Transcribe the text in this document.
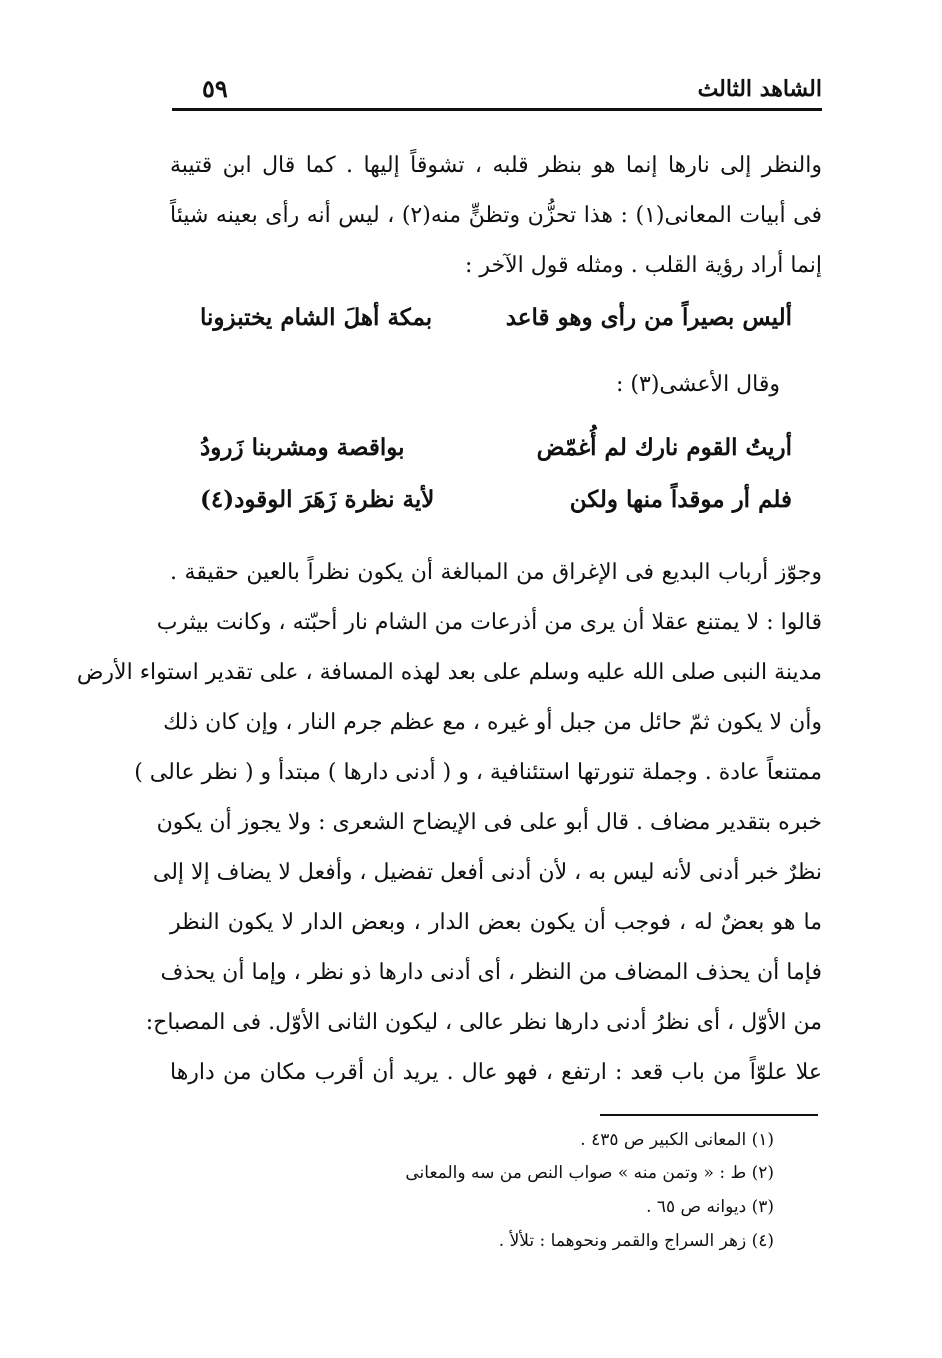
الشاهد الثالث
٥٩
والنظر إلى نارها إنما هو بنظر قلبه ، تشوقاً إليها . كما قال ابن قتيبة
فى أبيات المعانى(١) : هذا تحزُّن وتظنٍّ منه(٢) ، ليس أنه رأى بعينه شيئاً
إنما أراد رؤية القلب . ومثله قول الآخر :
أليس بصيراً من رأى وهو قاعد
بمكة أهلَ الشام يختبزونا
وقال الأعشى(٣) :
أريتُ القوم نارك لم أُغمّض
بواقصة ومشربنا زَرودُ
فلم أر موقداً منها ولكن
لأية نظرة زَهَرَ الوقود(٤)
وجوّز أرباب البديع فى الإغراق من المبالغة أن يكون نظراً بالعين حقيقة .
قالوا : لا يمتنع عقلا أن يرى من أذرعات من الشام نار أحبّته ، وكانت بيثرب
مدينة النبى صلى الله عليه وسلم على بعد لهذه المسافة ، على تقدير استواء الأرض
وأن لا يكون ثمّ حائل من جبل أو غيره ، مع عظم جرم النار ، وإن كان ذلك
ممتنعاً عادة . وجملة تنورتها استئنافية ، و ( أدنى دارها ) مبتدأ و ( نظر عالى )
خبره بتقدير مضاف . قال أبو على فى الإيضاح الشعرى : ولا يجوز أن يكون
نظرٌ خبر أدنى لأنه ليس به ، لأن أدنى أفعل تفضيل ، وأفعل لا يضاف إلا إلى
ما هو بعضٌ له ، فوجب أن يكون بعض الدار ، وبعض الدار لا يكون النظر
فإما أن يحذف المضاف من النظر ، أى أدنى دارها ذو نظر ، وإما أن يحذف
من الأوّل ، أى نظرُ أدنى دارها نظر عالى ، ليكون الثانى الأوّل. فى المصباح:
علا علوّاً من باب قعد : ارتفع ، فهو عال . يريد أن أقرب مكان من دارها
(١) المعانى الكبير ص ٤٣٥ .
(٢) ط : « وتمن منه » صواب النص من سه والمعانى
(٣) ديوانه ص ٦٥ .
(٤) زهر السراج والقمر ونحوهما : تلألأ .
